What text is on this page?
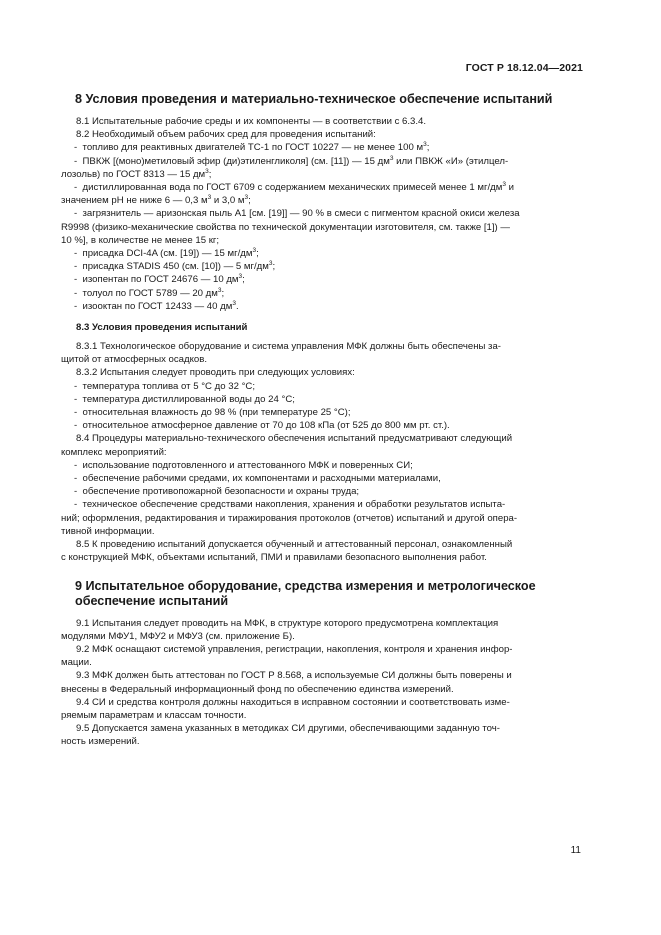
ГОСТ Р 18.12.04—2021
8 Условия проведения и материально-техническое обеспечение испытаний

8.1 Испытательные рабочие среды и их компоненты — в соответствии с 6.3.4.

8.2 Необходимый объем рабочих сред для проведения испытаний:

- топливо для реактивных двигателей ТС-1 по ГОСТ 10227 — не менее 100 $м^3$;

- ПВКЖ [(моно)метиловый эфир (ди)этиленгликоля] (см. [11]) — 15 $дм^3$ или ПВКЖ «И» (этилцел-

лозольв) по ГОСТ 8313 — 15 $дм^3$;

- дистиллированная вода по ГОСТ 6709 с содержанием механических примесей менее 1 $мг/дм^3$ и

значением pH не ниже 6 — 0,3 $м^3$ и 3,0 $м^3$;

- загрязнитель — аризонская пыль А1 [см. [19]] — 90 % в смеси с пигментом красной окиси железа

R9998 (физико-механические свойства по технической документации изготовителя, см. также [1]) —

10 %], в количестве не менее 15 кг;

- присадка DCI-4A (см. [19]) — 15 $мг/дм^3$;

- присадка STADIS 450 (см. [10]) — 5 $мг/дм^3$;

- изопентан по ГОСТ 24676 — 10 $дм^3$;

- толуол по ГОСТ 5789 — 20 $дм^3$;

- изооктан по ГОСТ 12433 — 40 $дм^3$.

8.3 Условия проведения испытаний

8.3.1 Технологическое оборудование и система управления МФК должны быть обеспечены за-

щитой от атмосферных осадков.

8.3.2 Испытания следует проводить при следующих условиях:

- температура топлива от 5 °С до 32 °С;

- температура дистиллированной воды до 24 °С;

- относительная влажность до 98 % (при температуре 25 °С);

- относительное атмосферное давление от 70 до 108 кПа (от 525 до 800 мм рт. ст.).

8.4 Процедуры материально-технического обеспечения испытаний предусматривают следующий

комплекс мероприятий:

- использование подготовленного и аттестованного МФК и поверенных СИ;

- обеспечение рабочими средами, их компонентами и расходными материалами,

- обеспечение противопожарной безопасности и охраны труда;

- техническое обеспечение средствами накопления, хранения и обработки результатов испыта-

ний; оформления, редактирования и тиражирования протоколов (отчетов) испытаний и другой опера-

тивной информации.

8.5 К проведению испытаний допускается обученный и аттестованный персонал, ознакомленный

с конструкцией МФК, объектами испытаний, ПМИ и правилами безопасного выполнения работ.

9 Испытательное оборудование, средства измерения и метрологическое
обеспечение испытаний

9.1 Испытания следует проводить на МФК, в структуре которого предусмотрена комплектация

модулями МФУ1, МФУ2 и МФУ3 (см. приложение Б).

9.2 МФК оснащают системой управления, регистрации, накопления, контроля и хранения инфор-

мации.

9.3 МФК должен быть аттестован по ГОСТ Р 8.568, а используемые СИ должны быть поверены и

внесены в Федеральный информационный фонд по обеспечению единства измерений.

9.4 СИ и средства контроля должны находиться в исправном состоянии и соответствовать изме-

ряемым параметрам и классам точности.

9.5 Допускается замена указанных в методиках СИ другими, обеспечивающими заданную точ-

ность измерений.

11
